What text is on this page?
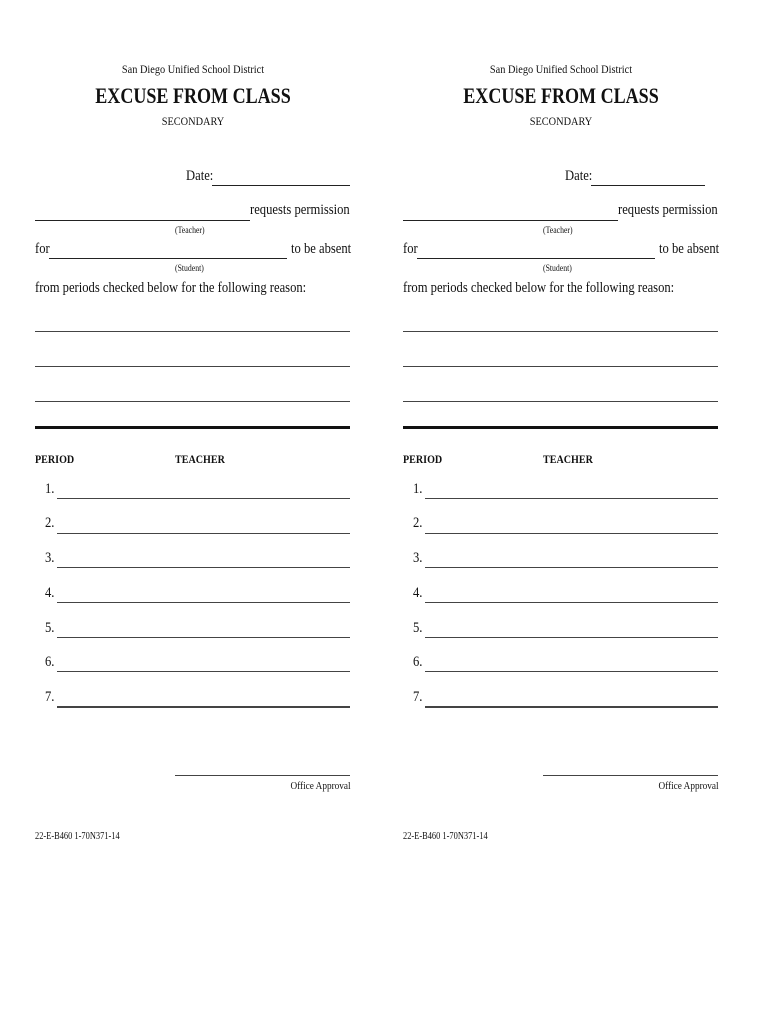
San Diego Unified School District
EXCUSE FROM CLASS
SECONDARY
Date:
requests permission
(Teacher)
for	to be absent
(Student)
from periods checked below for the following reason:
PERIOD	TEACHER
1.
2.
3.
4.
5.
6.
7.
Office Approval
22-E-B460 1-70N371-14
San Diego Unified School District
EXCUSE FROM CLASS
SECONDARY
Date:
requests permission
(Teacher)
for	to be absent
(Student)
from periods checked below for the following reason:
PERIOD	TEACHER
1.
2.
3.
4.
5.
6.
7.
Office Approval
22-E-B460 1-70N371-14
